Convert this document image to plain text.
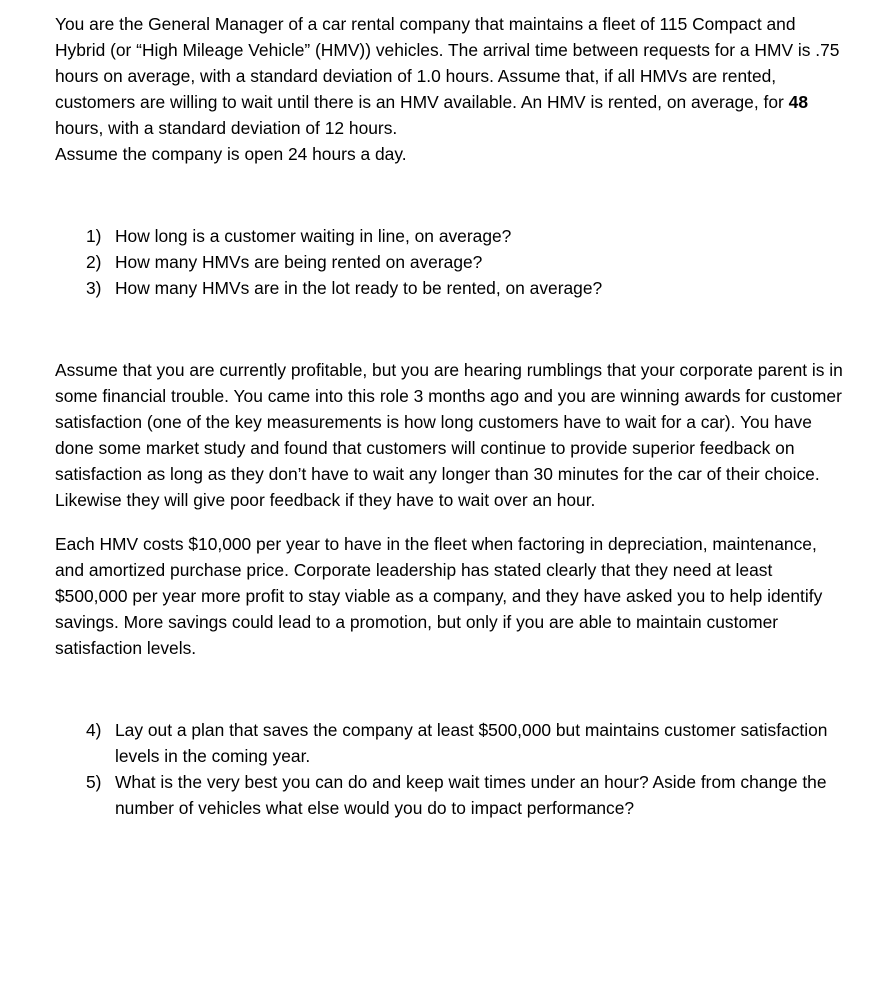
You are the General Manager of a car rental company that maintains a fleet of 115 Compact and Hybrid (or “High Mileage Vehicle” (HMV)) vehicles. The arrival time between requests for a HMV is .75 hours on average, with a standard deviation of 1.0 hours. Assume that, if all HMVs are rented, customers are willing to wait until there is an HMV available. An HMV is rented, on average, for 48 hours, with a standard deviation of 12 hours.

Assume the company is open 24 hours a day.

1) How long is a customer waiting in line, on average?
2) How many HMVs are being rented on average?
3) How many HMVs are in the lot ready to be rented, on average?

Assume that you are currently profitable, but you are hearing rumblings that your corporate parent is in some financial trouble. You came into this role 3 months ago and you are winning awards for customer satisfaction (one of the key measurements is how long customers have to wait for a car). You have done some market study and found that customers will continue to provide superior feedback on satisfaction as long as they don’t have to wait any longer than 30 minutes for the car of their choice. Likewise they will give poor feedback if they have to wait over an hour.

Each HMV costs $10,000 per year to have in the fleet when factoring in depreciation, maintenance, and amortized purchase price. Corporate leadership has stated clearly that they need at least $500,000 per year more profit to stay viable as a company, and they have asked you to help identify savings. More savings could lead to a promotion, but only if you are able to maintain customer satisfaction levels.

4) Lay out a plan that saves the company at least $500,000 but maintains customer satisfaction levels in the coming year.
5) What is the very best you can do and keep wait times under an hour? Aside from change the number of vehicles what else would you do to impact performance?
